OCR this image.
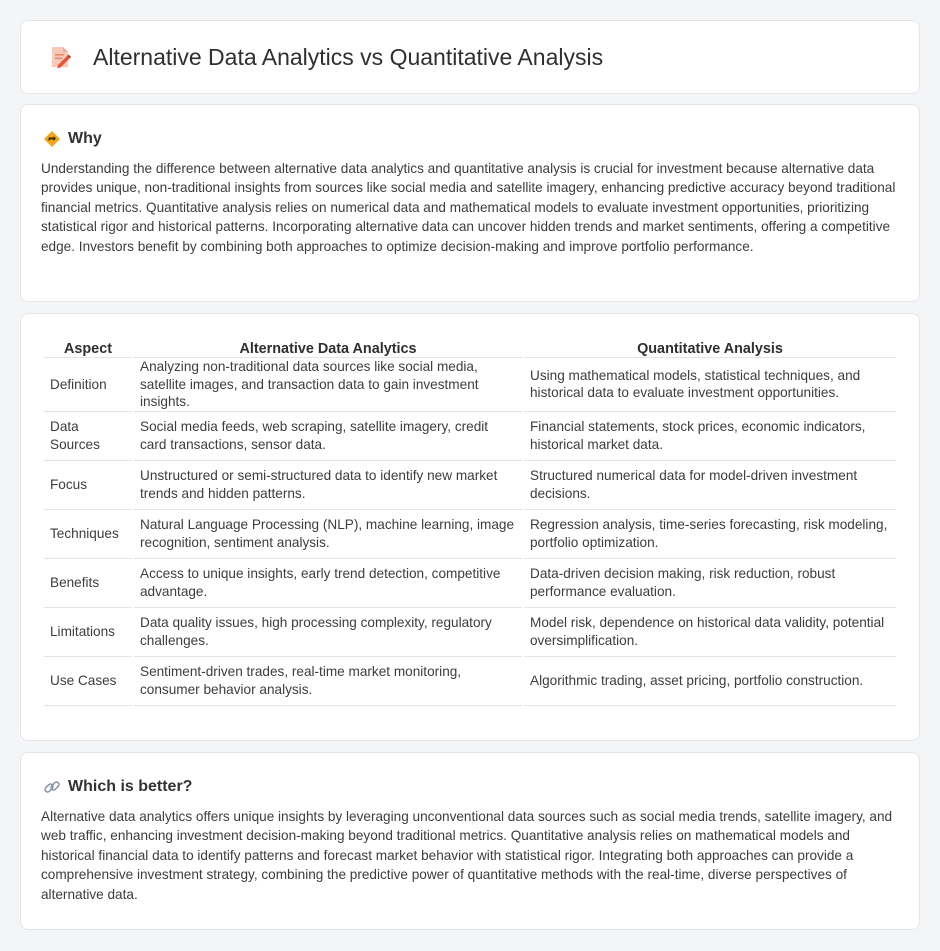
Alternative Data Analytics vs Quantitative Analysis
Why

Understanding the difference between alternative data analytics and quantitative analysis is crucial for investment because alternative data provides unique, non-traditional insights from sources like social media and satellite imagery, enhancing predictive accuracy beyond traditional financial metrics. Quantitative analysis relies on numerical data and mathematical models to evaluate investment opportunities, prioritizing statistical rigor and historical patterns. Incorporating alternative data can uncover hidden trends and market sentiments, offering a competitive edge. Investors benefit by combining both approaches to optimize decision-making and improve portfolio performance.

Aspect	Alternative Data Analytics	Quantitative Analysis
Definition	Analyzing non-traditional data sources like social media, satellite images, and transaction data to gain investment insights.	Using mathematical models, statistical techniques, and historical data to evaluate investment opportunities.
Data Sources	Social media feeds, web scraping, satellite imagery, credit card transactions, sensor data.	Financial statements, stock prices, economic indicators, historical market data.
Focus	Unstructured or semi-structured data to identify new market trends and hidden patterns.	Structured numerical data for model-driven investment decisions.
Techniques	Natural Language Processing (NLP), machine learning, image recognition, sentiment analysis.	Regression analysis, time-series forecasting, risk modeling, portfolio optimization.
Benefits	Access to unique insights, early trend detection, competitive advantage.	Data-driven decision making, risk reduction, robust performance evaluation.
Limitations	Data quality issues, high processing complexity, regulatory challenges.	Model risk, dependence on historical data validity, potential oversimplification.
Use Cases	Sentiment-driven trades, real-time market monitoring, consumer behavior analysis.	Algorithmic trading, asset pricing, portfolio construction.
Which is better?

Alternative data analytics offers unique insights by leveraging unconventional data sources such as social media trends, satellite imagery, and web traffic, enhancing investment decision-making beyond traditional metrics. Quantitative analysis relies on mathematical models and historical financial data to identify patterns and forecast market behavior with statistical rigor. Integrating both approaches can provide a comprehensive investment strategy, combining the predictive power of quantitative methods with the real-time, diverse perspectives of alternative data.
